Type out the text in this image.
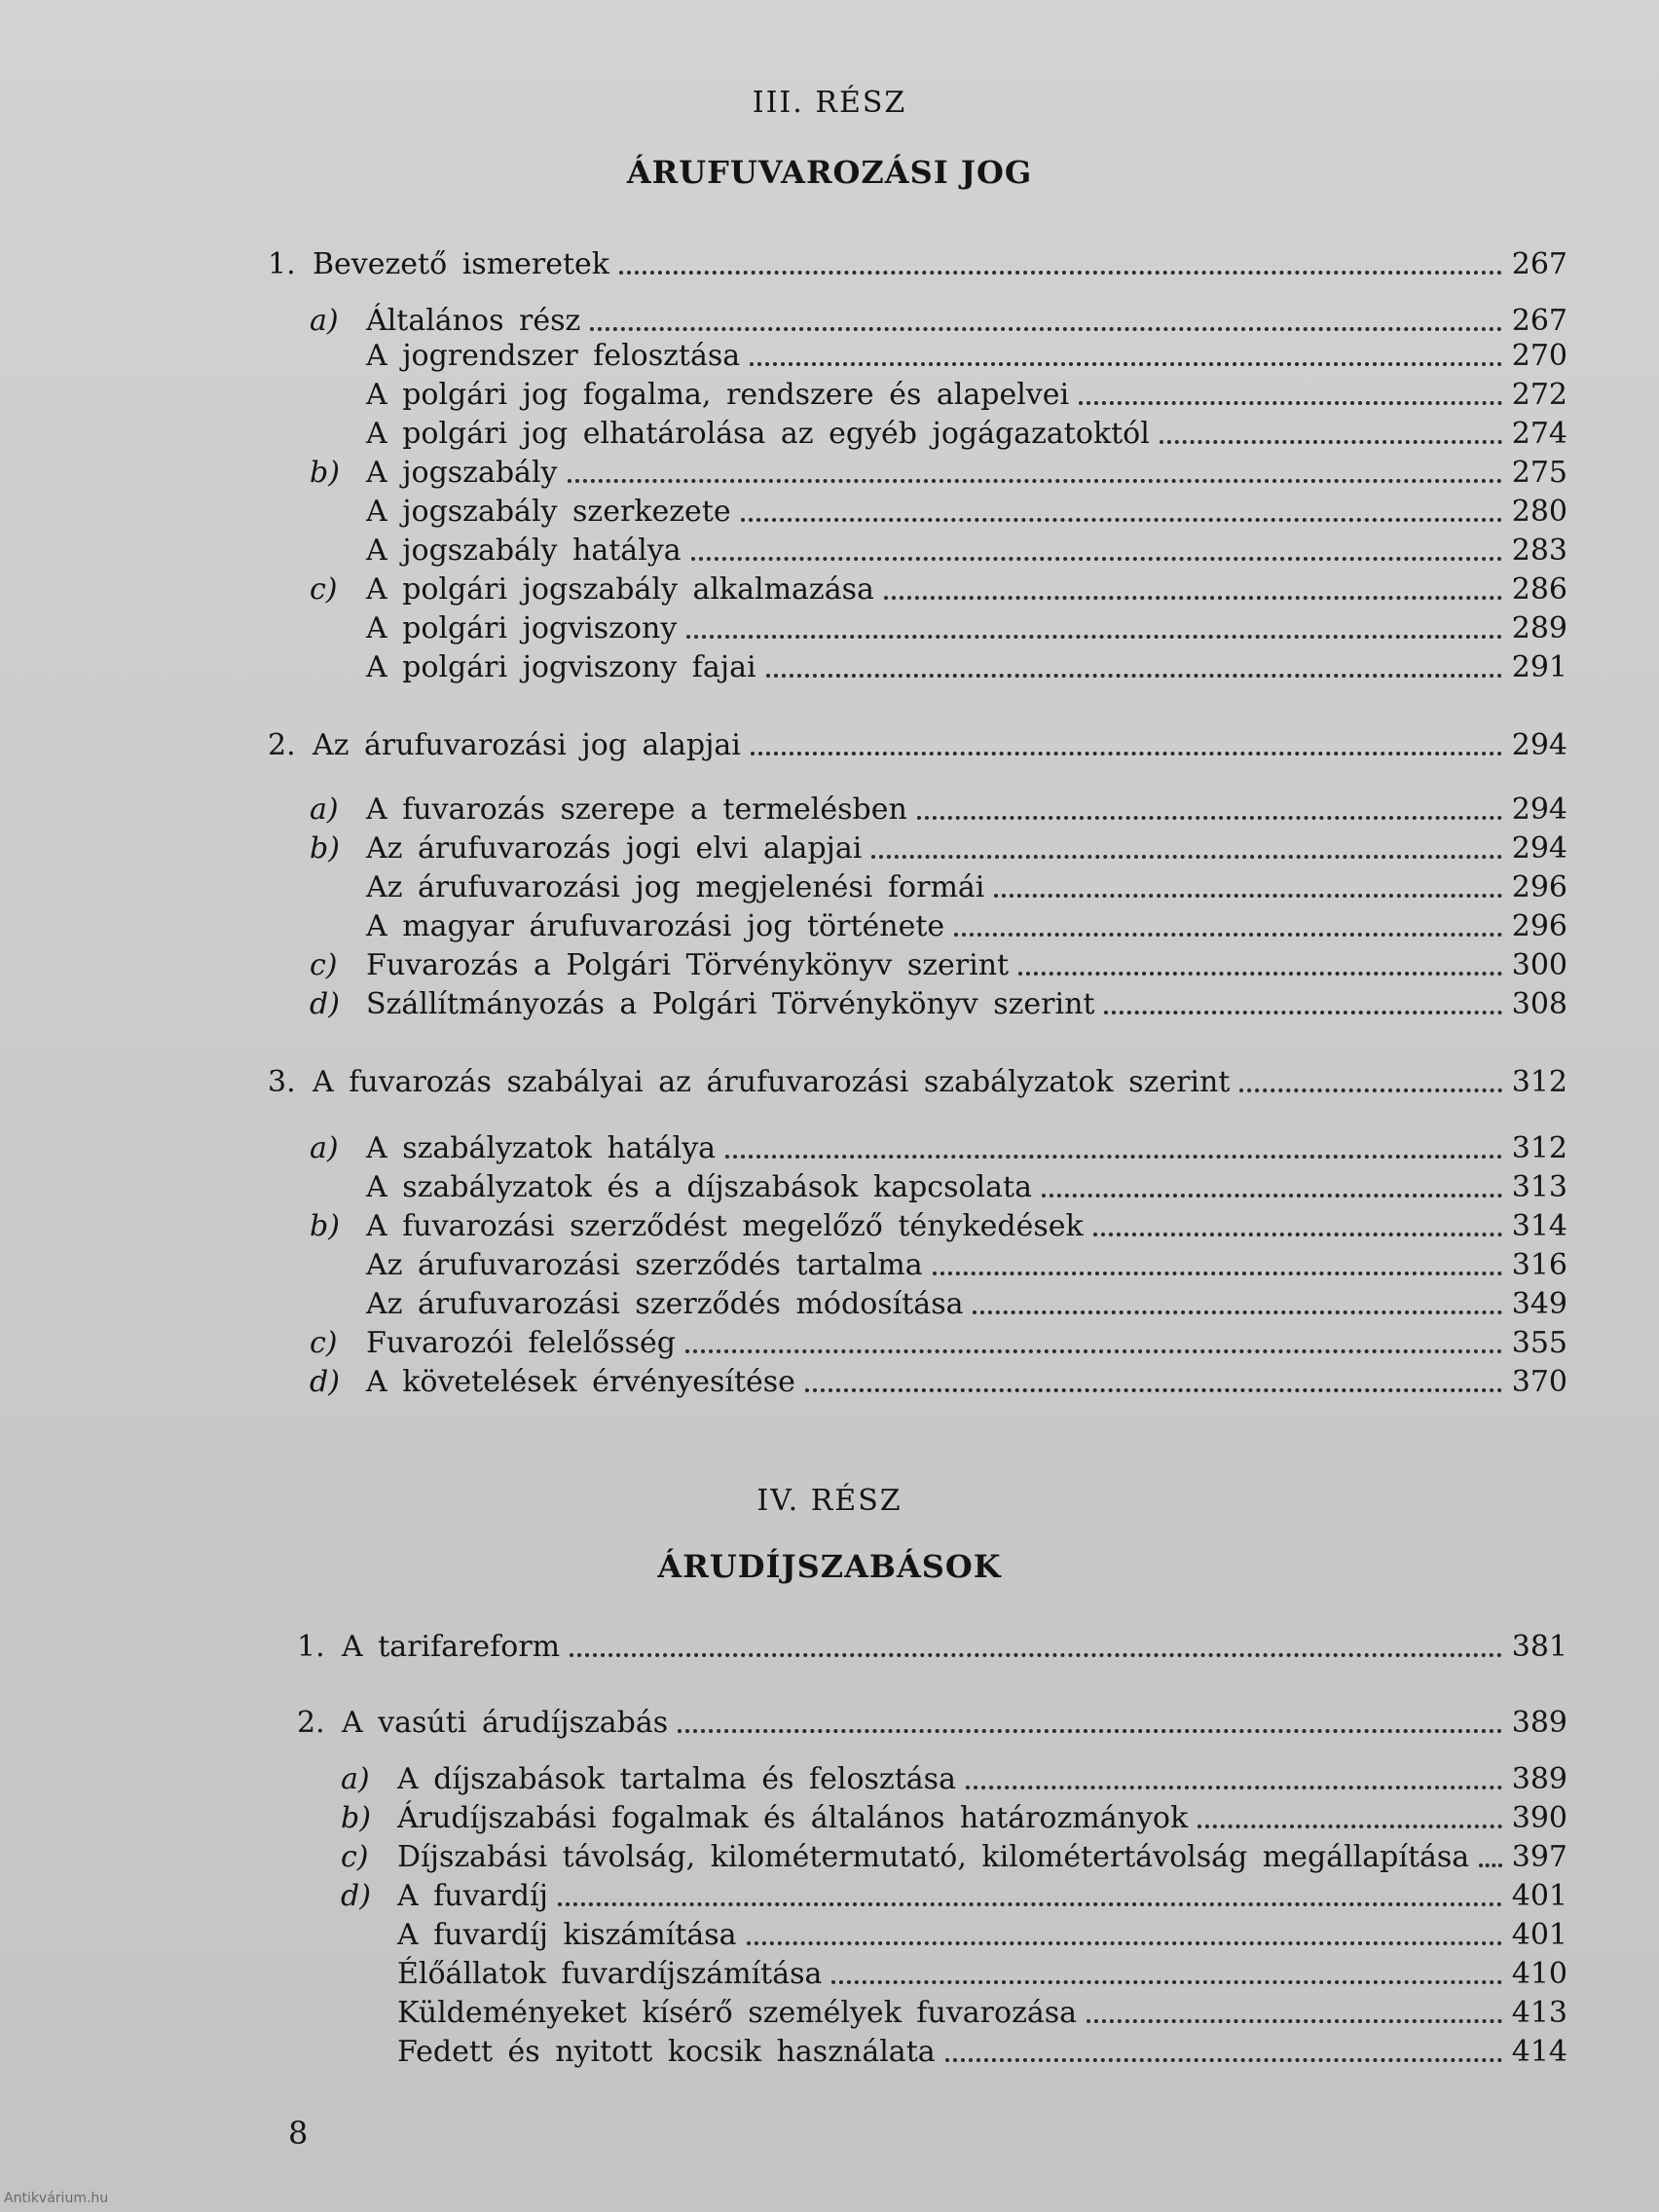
III. RÉSZ
ÁRUFUVAROZÁSI JOG
1. Bevezető ismeretek	267
a) Általános rész	267
A jogrendszer felosztása	270
A polgári jog fogalma, rendszere és alapelvei	272
A polgári jog elhatárolása az egyéb jogágazatoktól	274
b) A jogszabály	275
A jogszabály szerkezete	280
A jogszabály hatálya	283
c) A polgári jogszabály alkalmazása	286
A polgári jogviszony	289
A polgári jogviszony fajai	291
2. Az árufuvarozási jog alapjai	294
a) A fuvarozás szerepe a termelésben	294
b) Az árufuvarozás jogi elvi alapjai	294
Az árufuvarozási jog megjelenési formái	296
A magyar árufuvarozási jog története	296
c) Fuvarozás a Polgári Törvénykönyv szerint	300
d) Szállítmányozás a Polgári Törvénykönyv szerint	308
3. A fuvarozás szabályai az árufuvarozási szabályzatok szerint	312
a) A szabályzatok hatálya	312
A szabályzatok és a díjszabások kapcsolata	313
b) A fuvarozási szerződést megelőző ténykedések	314
Az árufuvarozási szerződés tartalma	316
Az árufuvarozási szerződés módosítása	349
c) Fuvarozói felelősség	355
d) A követelések érvényesítése	370
IV. RÉSZ
ÁRUDÍJSZABÁSOK
1. A tarifareform	381
2. A vasúti árudíjszabás	389
a) A díjszabások tartalma és felosztása	389
b) Árudíjszabási fogalmak és általános határozmányok	390
c) Díjszabási távolság, kilométermutató, kilométertávolság megállapítása 397
d) A fuvardíj	401
A fuvardíj kiszámítása	401
Élőállatok fuvardíjszámítása	410
Küldeményeket kísérő személyek fuvarozása	413
Fedett és nyitott kocsik használata	414
8
Antikvárium.hu
